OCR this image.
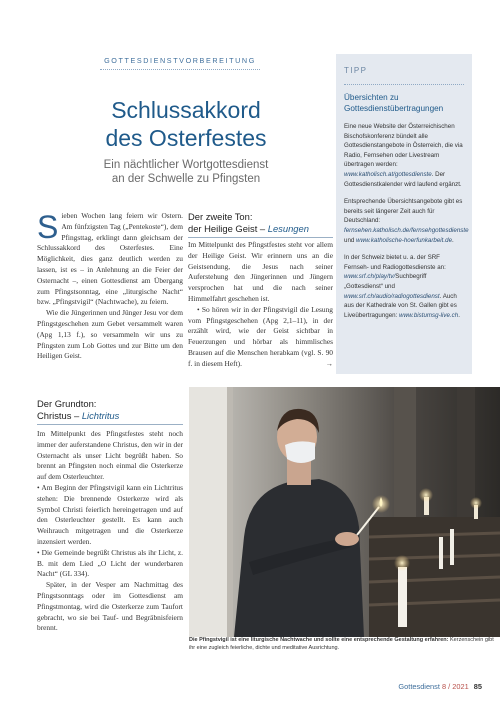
GOTTESDIENSTVORBEREITUNG
Schlussakkord
des Osterfestes
Ein nächtlicher Wortgottesdienst
an der Schwelle zu Pfingsten

Sieben Wochen lang feiern wir Ostern. Am fünfzigsten Tag („Pentekoste“), dem Pfingsttag, erklingt dann gleichsam der Schlussakkord des Osterfestes. Eine Möglichkeit, dies ganz deutlich werden zu lassen, ist es – in Anlehnung an die Feier der Osternacht –, einen Gottesdienst am Übergang zum Pfingstsonntag, eine „liturgische Nacht“ bzw. „Pfingstvigil“ (Nachtwache), zu feiern.

Wie die Jüngerinnen und Jünger Jesu vor dem Pfingstgeschehen zum Gebet versammelt waren (Apg 1,13 f.), so versammeln wir uns zu Pfingsten zum Lob Gottes und zur Bitte um den Heiligen Geist.

Der zweite Ton:
der Heilige Geist – Lesungen

Im Mittelpunkt des Pfingstfestes steht vor allem der Heilige Geist. Wir erinnern uns an die Geistsendung, die Jesus nach seiner Auferstehung den Jüngerinnen und Jüngern versprochen hat und die nach seiner Himmelfahrt geschehen ist.

• So hören wir in der Pfingstvigil die Lesung vom Pfingstgeschehen (Apg 2,1–11), in der erzählt wird, wie der Geist sichtbar in Feuerzungen und hörbar als himmlisches Brausen auf die Menschen herabkam (vgl. S. 90 f. in diesem Heft).	→

Der Grundton:
Christus – Lichtritus

Im Mittelpunkt des Pfingstfestes steht noch immer der auferstandene Christus, den wir in der Osternacht als unser Licht begrüßt haben. So brennt an Pfingsten noch einmal die Osterkerze auf dem Osterleuchter.

• Am Beginn der Pfingstvigil kann ein Lichtritus stehen: Die brennende Osterkerze wird als Symbol Christi feierlich hereingetragen und auf den Osterleuchter gestellt. Es kann auch Weihrauch mitgetragen und die Osterkerze inzensiert werden.

• Die Gemeinde begrüßt Christus als ihr Licht, z. B. mit dem Lied „O Licht der wunderbaren Nacht“ (GL 334).

Später, in der Vesper am Nachmittag des Pfingstsonntags oder im Gottesdienst am Pfingstmontag, wird die Osterkerze zum Taufort gebracht, wo sie bei Tauf- und Begräbnisfeiern brennt.

TIPP
Übersichten zu Gottesdienstübertragungen

Eine neue Website der Österreichischen Bischofskonferenz bündelt alle Gottesdienstangebote in Österreich, die via Radio, Fernsehen oder Livestream übertragen werden: www.katholisch.at/gottesdienste. Der Gottesdienstkalender wird laufend ergänzt.

Entsprechende Übersichtsangebote gibt es bereits seit längerer Zeit auch für Deutschland: fernsehen.katholisch.de/fernsehgottesdienste und www.katholische-hoerfunkarbeit.de.

In der Schweiz bietet u. a. der SRF Fernseh- und Radiogottesdienste an: www.srf.ch/play/tv/Suchbegriff „Gottesdienst“ und www.srf.ch/audio/radiogottesdienst. Auch aus der Kathedrale von St. Gallen gibt es Liveübertragungen: www.bistumsg-live.ch.

Die Pfingstvigil ist eine liturgische Nachtwache und sollte eine entsprechende Gestaltung erfahren: Kerzenschein gibt ihr eine zugleich feierliche, dichte und meditative Ausrichtung.

Gottesdienst 8 / 2021 85
